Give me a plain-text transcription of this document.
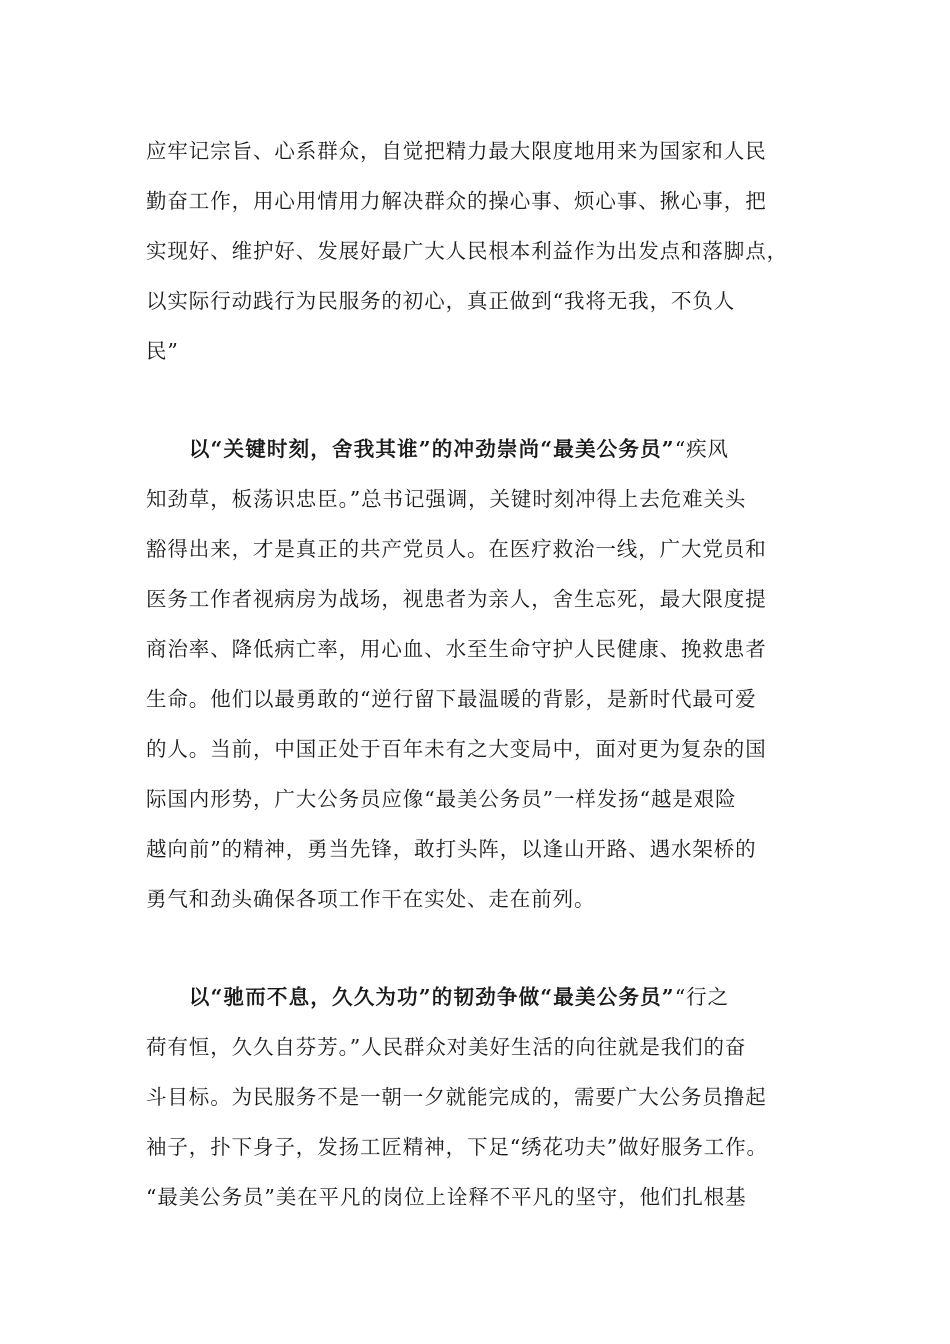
应牢记宗旨、心系群众，自觉把精力最大限度地用来为国家和人民
勤奋工作，用心用情用力解决群众的操心事、烦心事、揪心事，把
实现好、维护好、发展好最广大人民根本利益作为出发点和落脚点，
以实际行动践行为民服务的初心，真正做到“我将无我，不负人
民”
  以“关键时刻，舍我其谁”的冲劲崇尚“最美公务员”“疾风
知劲草，板荡识忠臣。”总书记强调，关键时刻冲得上去危难关头
豁得出来，才是真正的共产党员人。在医疗救治一线，广大党员和
医务工作者视病房为战场，视患者为亲人，舍生忘死，最大限度提
商治率、降低病亡率，用心血、水至生命守护人民健康、挽救患者
生命。他们以最勇敢的“逆行留下最温暖的背影，是新时代最可爱
的人。当前，中国正处于百年未有之大变局中，面对更为复杂的国
际国内形势，广大公务员应像“最美公务员”一样发扬“越是艰险
越向前”的精神，勇当先锋，敢打头阵，以逢山开路、遇水架桥的
勇气和劲头确保各项工作干在实处、走在前列。
  以“驰而不息，久久为功”的韧劲争做“最美公务员”“行之
荷有恒，久久自芬芳。”人民群众对美好生活的向往就是我们的奋
斗目标。为民服务不是一朝一夕就能完成的，需要广大公务员撸起
袖子，扑下身子，发扬工匠精神，下足“绣花功夫”做好服务工作。
“最美公务员”美在平凡的岗位上诠释不平凡的坚守，他们扎根基
